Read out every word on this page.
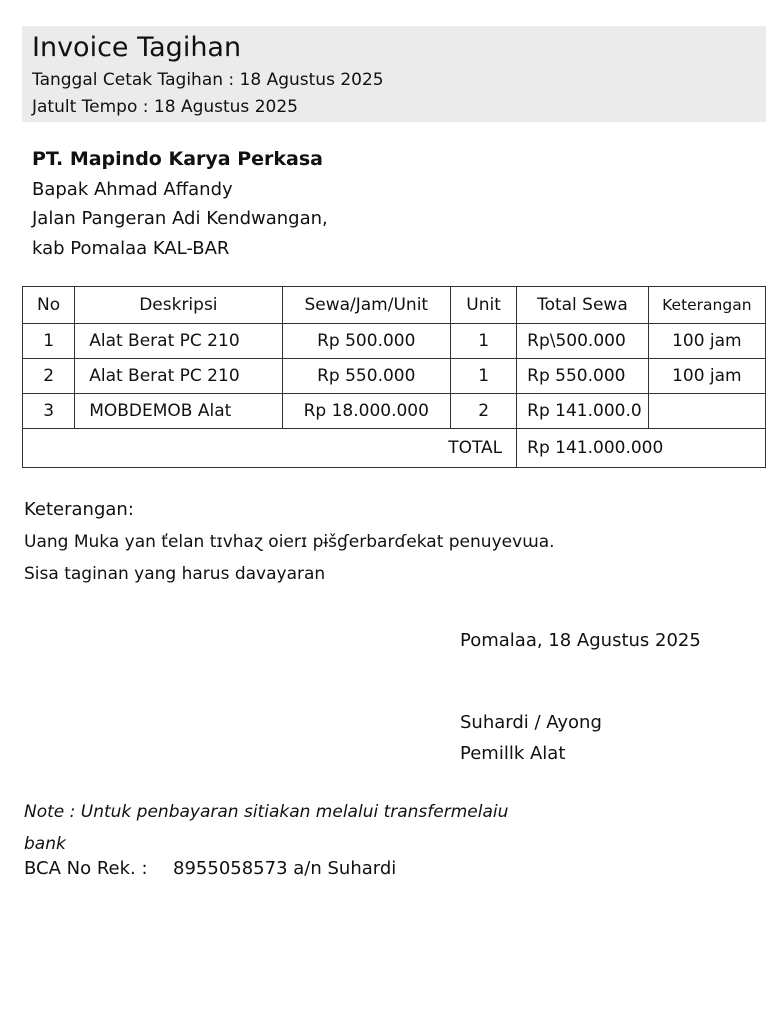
Invoice Tagihan
Tanggal Cetak Tagihan : 18 Agustus 2025
Jatult Tempo : 18 Agustus 2025
PT. Mapindo Karya Perkasa
Bapak Ahmad Affandy
Jalan Pangeran Adi Kendwangan,
kab Pomalaa KAL-BAR
No	Deskripsi	Sewa/Jam/Unit	Unit	Total Sewa	Keterangan
1	Alat Berat PC 210	Rp 500.000	1	Rp\500.000	100 jam
2	Alat Berat PC 210	Rp 550.000	1	Rp 550.000	100 jam
3	MOBDEMOB Alat	Rp 18.000.000	2	Rp 141.000.0	
TOTAL				Rp 141.000.000	
Keterangan:
Uang Muka yan ťelan tɪvhaɀ oierɪ pɨšɠerbarɗekat penuyevɯa.
Sisa taginan yang harus davayaran
Pomalaa, 18 Agustus 2025
Suhardi / Ayong
Pemillk Alat
Note : Untuk penbayaran sitiakan melalui transfermelaiu
bank
BCA No Rek. : 8955058573 a/n Suhardi
